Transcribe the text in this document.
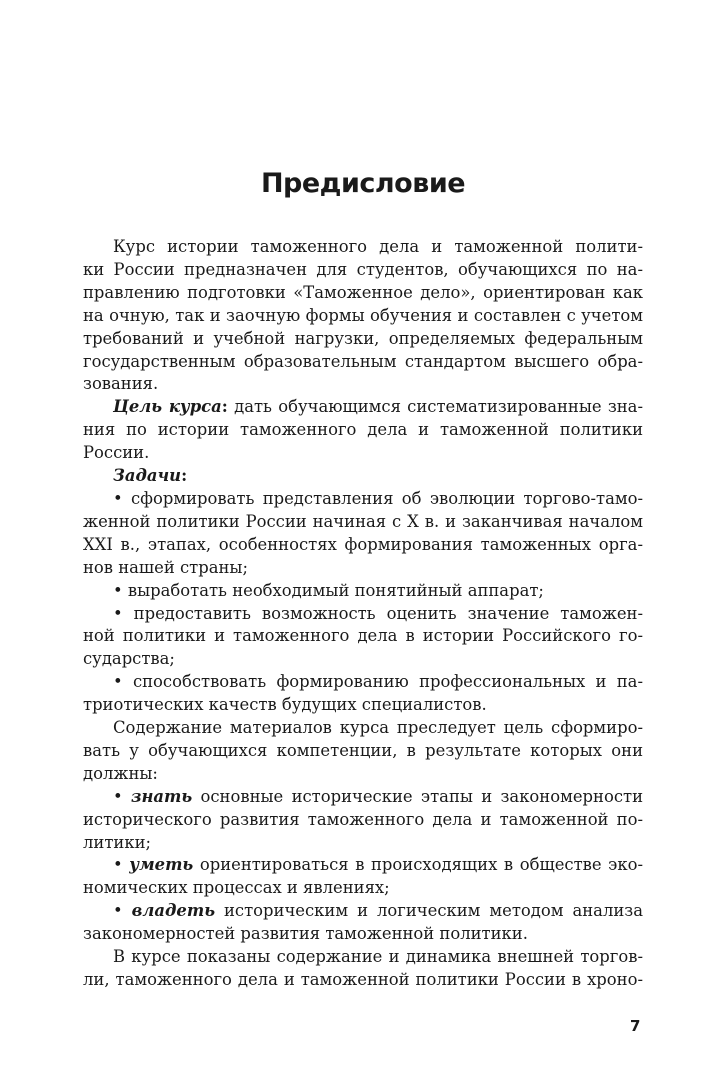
Предисловие
Курс истории таможенного дела и таможенной полити-
ки России предназначен для студентов, обучающихся по на-
правлению подготовки «Таможенное дело», ориентирован как
на очную, так и заочную формы обучения и составлен с учетом
требований и учебной нагрузки, определяемых федеральным
государственным образовательным стандартом высшего обра-
зования.
Цель курса: дать обучающимся систематизированные зна-
ния по истории таможенного дела и таможенной политики
России.
Задачи:
• сформировать представления об эволюции торгово-тамо-
женной политики России начиная с X в. и заканчивая началом
XXI в., этапах, особенностях формирования таможенных орга-
нов нашей страны;
• выработать необходимый понятийный аппарат;
• предоставить возможность оценить значение таможен-
ной политики и таможенного дела в истории Российского го-
сударства;
• способствовать формированию профессиональных и па-
триотических качеств будущих специалистов.
Содержание материалов курса преследует цель сформиро-
вать у обучающихся компетенции, в результате которых они
должны:
• знать основные исторические этапы и закономерности
исторического развития таможенного дела и таможенной по-
литики;
• уметь ориентироваться в происходящих в обществе эко-
номических процессах и явлениях;
• владеть историческим и логическим методом анализа
закономерностей развития таможенной политики.
В курсе показаны содержание и динамика внешней торгов-
ли, таможенного дела и таможенной политики России в хроно-
7
